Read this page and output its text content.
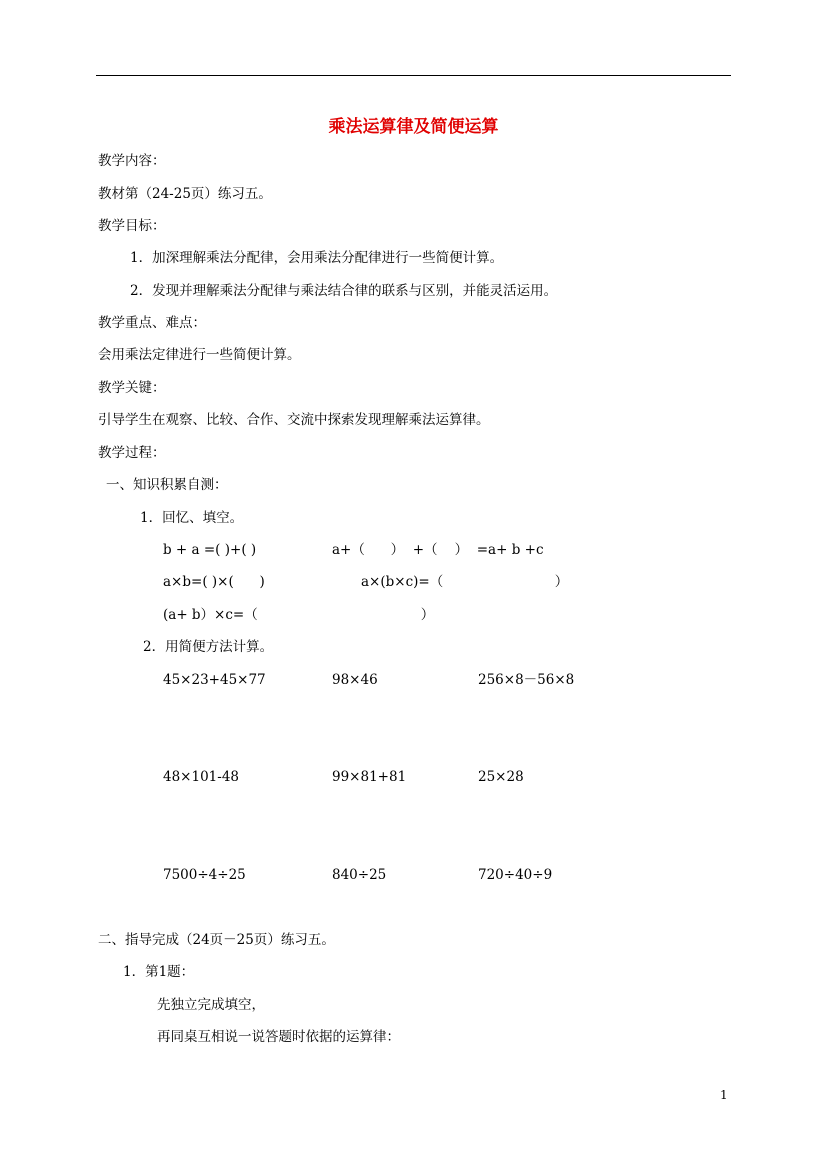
乘法运算律及简便运算
教学内容：
教材第（24-25页）练习五。
教学目标：
1．加深理解乘法分配律，会用乘法分配律进行一些简便计算。
2．发现并理解乘法分配律与乘法结合律的联系与区别，并能灵活运用。
教学重点、难点：
会用乘法定律进行一些简便计算。
教学关键：
引导学生在观察、比较、合作、交流中探索发现理解乘法运算律。
教学过程：
一、知识积累自测：
1．回忆、填空。
b + a =( )+( )	a+（      ）  +（    ）  =a+ b +c
a×b=( )×(      )	a×(b×c)=（                          ）
(a+ b）×c=（                                      ）
2．用简便方法计算。
45×23+45×77	98×46	256×8－56×8
48×101-48	99×81+81	25×28
7500÷4÷25	840÷25	720÷40÷9
二、指导完成（24页－25页）练习五。
1．第1题：
先独立完成填空，
再同桌互相说一说答题时依据的运算律：
1
